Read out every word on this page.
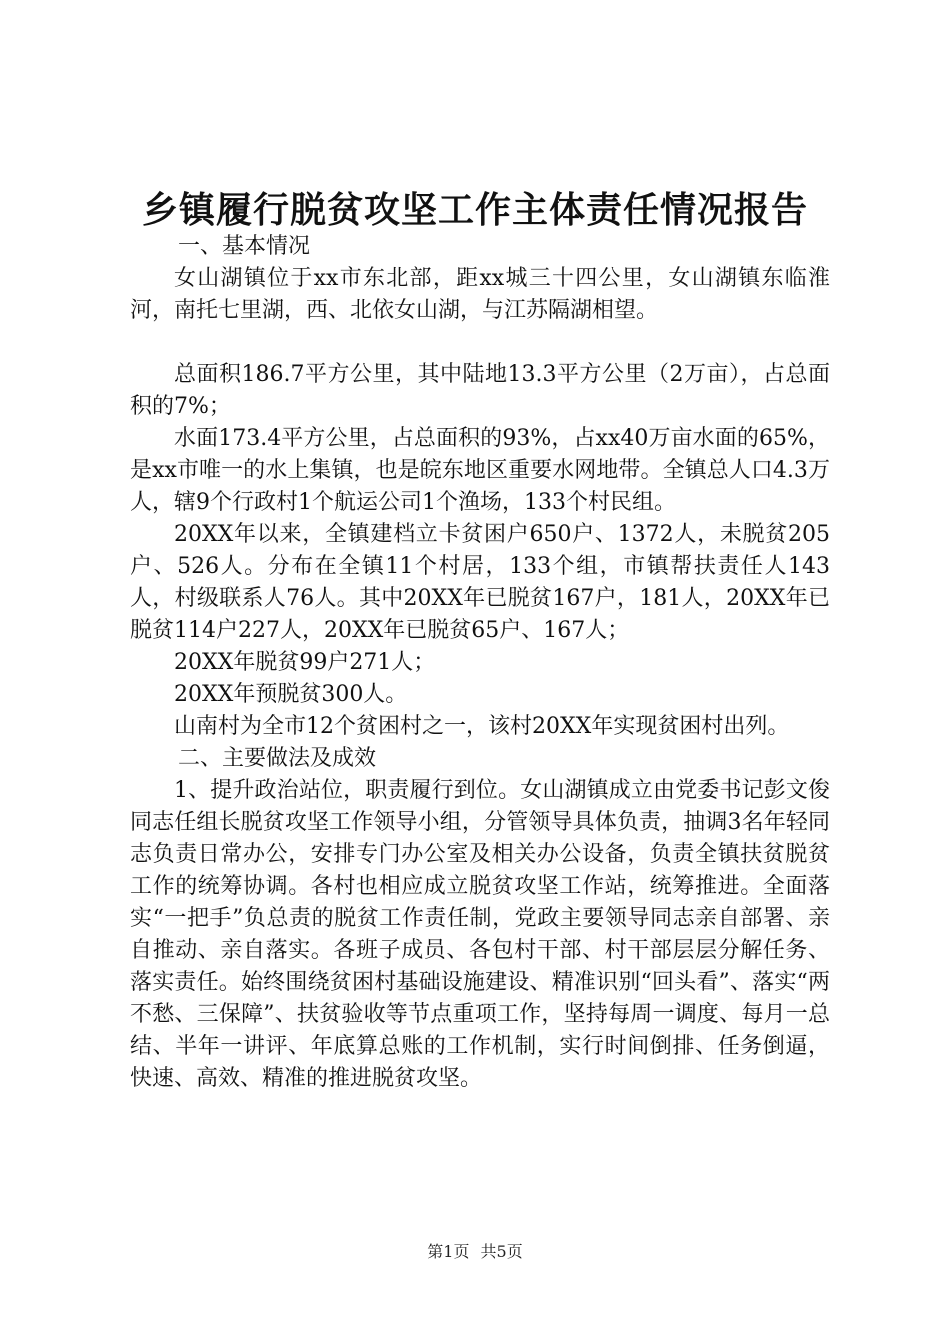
乡镇履行脱贫攻坚工作主体责任情况报告

一、基本情况

女山湖镇位于xx市东北部，距xx城三十四公里，女山湖镇东临淮河，南托七里湖，西、北依女山湖，与江苏隔湖相望。

总面积186.7平方公里，其中陆地13.3平方公里（2万亩），占总面积的7%；

水面173.4平方公里，占总面积的93%，占xx40万亩水面的65%，是xx市唯一的水上集镇，也是皖东地区重要水网地带。全镇总人口4.3万人，辖9个行政村1个航运公司1个渔场，133个村民组。

20XX年以来，全镇建档立卡贫困户650户、1372人，未脱贫205户、526人。分布在全镇11个村居，133个组，市镇帮扶责任人143人，村级联系人76人。其中20XX年已脱贫167户，181人，20XX年已脱贫114户227人，20XX年已脱贫65户、167人；

20XX年脱贫99户271人；

20XX年预脱贫300人。

山南村为全市12个贫困村之一，该村20XX年实现贫困村出列。

二、主要做法及成效

1、提升政治站位，职责履行到位。女山湖镇成立由党委书记彭文俊同志任组长脱贫攻坚工作领导小组，分管领导具体负责，抽调3名年轻同志负责日常办公，安排专门办公室及相关办公设备，负责全镇扶贫脱贫工作的统筹协调。各村也相应成立脱贫攻坚工作站，统筹推进。全面落实“一把手”负总责的脱贫工作责任制，党政主要领导同志亲自部署、亲自推动、亲自落实。各班子成员、各包村干部、村干部层层分解任务、落实责任。始终围绕贫困村基础设施建设、精准识别“回头看”、落实“两不愁、三保障”、扶贫验收等节点重项工作，坚持每周一调度、每月一总结、半年一讲评、年底算总账的工作机制，实行时间倒排、任务倒逼，快速、高效、精准的推进脱贫攻坚。

第1页 共5页
